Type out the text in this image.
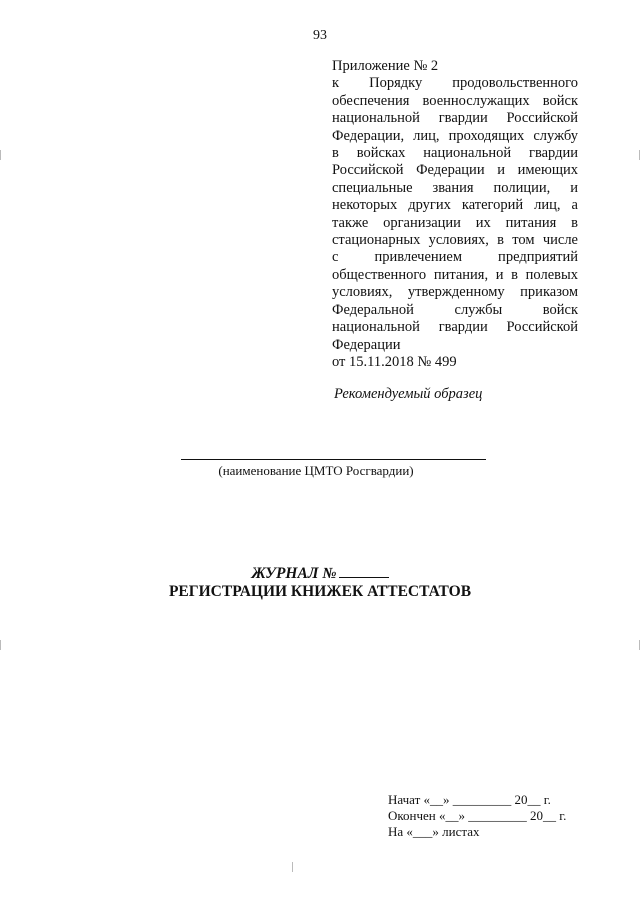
93
Приложение № 2
к Порядку продовольственного
обеспечения военнослужащих войск
национальной гвардии Российской
Федерации, лиц, проходящих службу
в войсках национальной гвардии
Российской Федерации и имеющих
специальные звания полиции, и
некоторых других категорий лиц, а
также организации их питания в
стационарных условиях, в том числе
с привлечением предприятий
общественного питания, и в полевых
условиях, утвержденному приказом
Федеральной службы войск
национальной гвардии Российской
Федерации
от 15.11.2018 № 499
Рекомендуемый образец
(наименование ЦМТО Росгвардии)
ЖУРНАЛ №
РЕГИСТРАЦИИ КНИЖЕК АТТЕСТАТОВ
Начат «__» _________ 20__ г.
Окончен «__» _________ 20__ г.
На «___» листах
